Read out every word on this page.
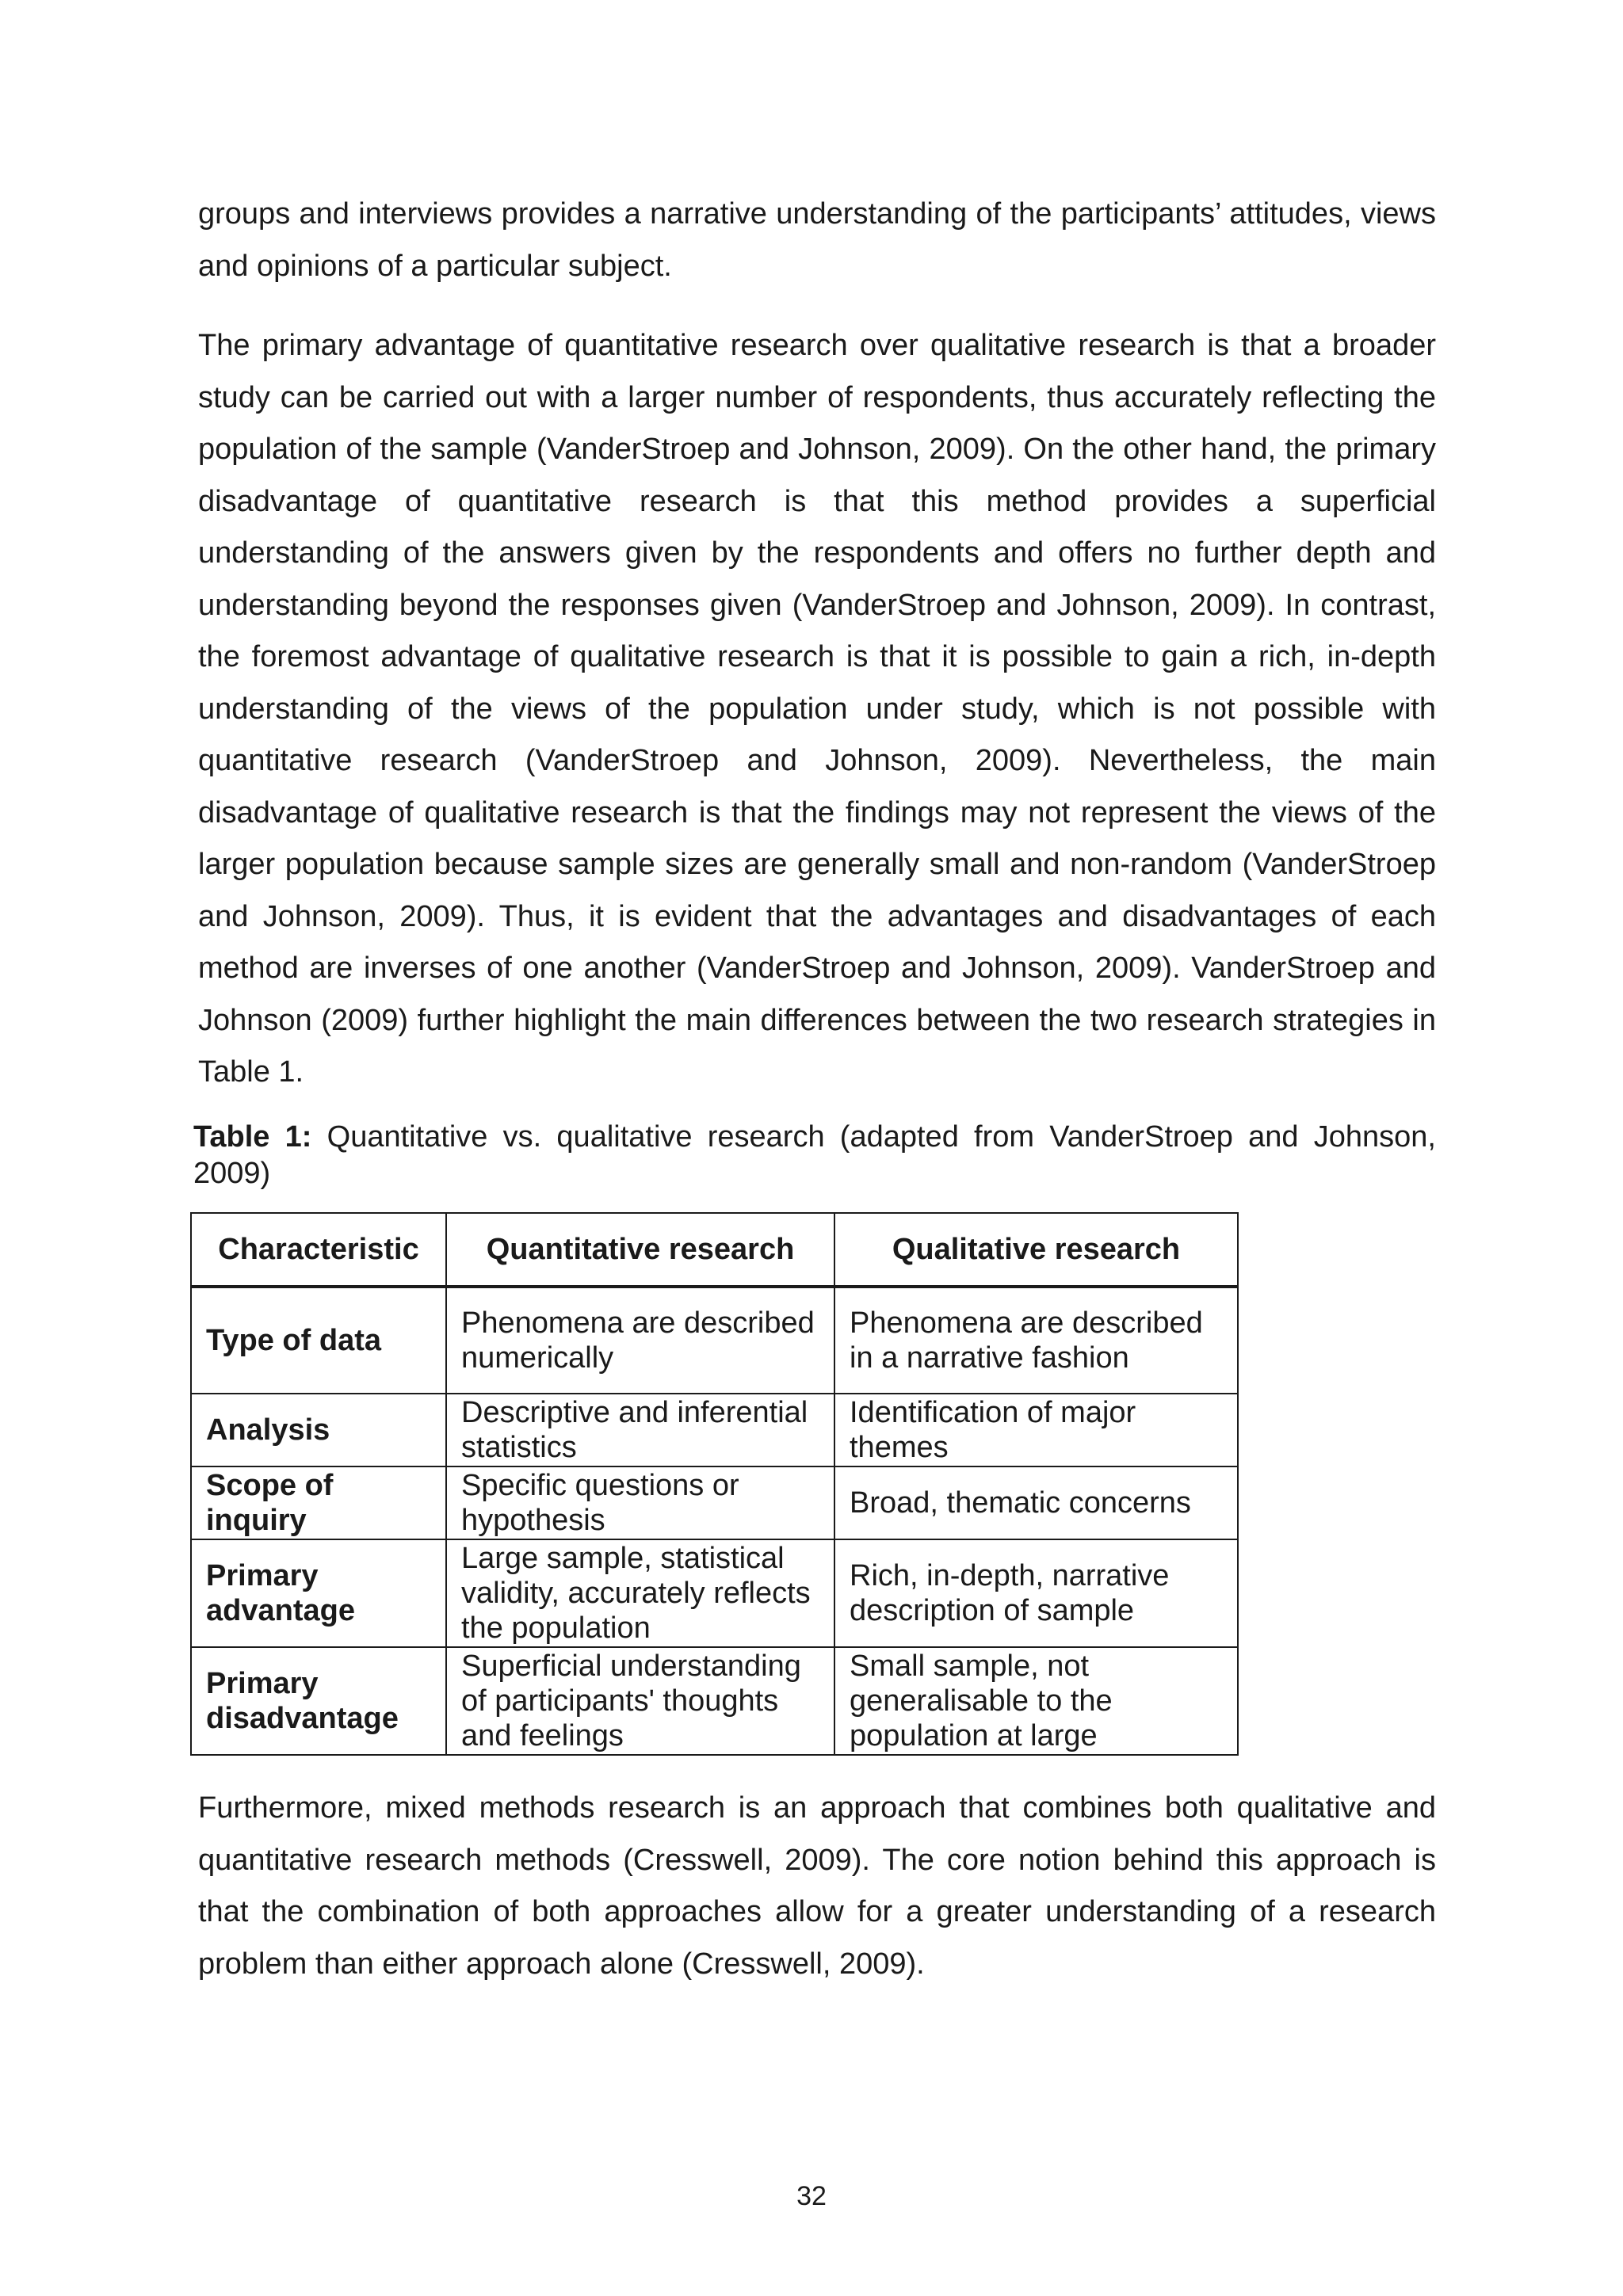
groups and interviews provides a narrative understanding of the participants’ attitudes, views and opinions of a particular subject.

The primary advantage of quantitative research over qualitative research is that a broader study can be carried out with a larger number of respondents, thus accurately reflecting the population of the sample (VanderStroep and Johnson, 2009). On the other hand, the primary disadvantage of quantitative research is that this method provides a superficial understanding of the answers given by the respondents and offers no further depth and understanding beyond the responses given (VanderStroep and Johnson, 2009). In contrast, the foremost advantage of qualitative research is that it is possible to gain a rich, in-depth understanding of the views of the population under study, which is not possible with quantitative research (VanderStroep and Johnson, 2009). Nevertheless, the main disadvantage of qualitative research is that the findings may not represent the views of the larger population because sample sizes are generally small and non-random (VanderStroep and Johnson, 2009). Thus, it is evident that the advantages and disadvantages of each method are inverses of one another (VanderStroep and Johnson, 2009). VanderStroep and Johnson (2009) further highlight the main differences between the two research strategies in Table 1.

Table 1: Quantitative vs. qualitative research (adapted from VanderStroep and Johnson, 2009)

Characteristic	Quantitative research	Qualitative research
Type of data	Phenomena are described numerically	Phenomena are described in a narrative fashion
Analysis	Descriptive and inferential statistics	Identification of major themes
Scope of inquiry	Specific questions or hypothesis	Broad, thematic concerns
Primary advantage	Large sample, statistical validity, accurately reflects the population	Rich, in-depth, narrative description of sample
Primary disadvantage	Superficial understanding of participants' thoughts and feelings	Small sample, not generalisable to the population at large

Furthermore, mixed methods research is an approach that combines both qualitative and quantitative research methods (Cresswell, 2009). The core notion behind this approach is that the combination of both approaches allow for a greater understanding of a research problem than either approach alone (Cresswell, 2009).

32
